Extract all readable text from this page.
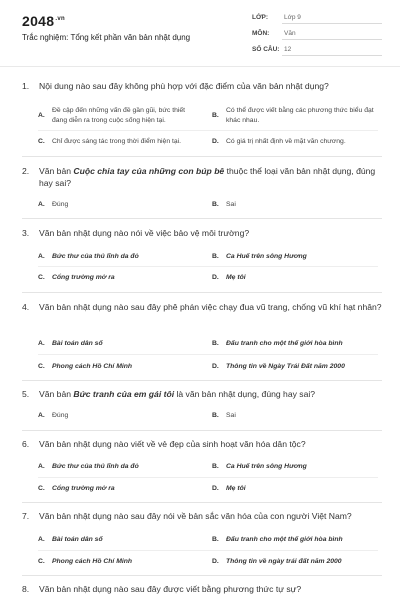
$2048^{.vn}$
Trắc nghiệm: Tổng kết phần văn bản nhật dụng
LỚP: Lớp 9
MÔN: Văn
SỐ CÂU: 12
1. Nội dung nào sau đây không phù hợp với đặc điểm của văn bản nhật dụng?
A.
Đề cập đến những vấn đề gần gũi, bức thiết đang diễn ra trong cuộc sống hiện tại.
B.
Có thể được viết bằng các phương thức biểu đạt khác nhau.
C. Chỉ được sáng tác trong thời điểm hiện tại.	D. Có giá trị nhất định về mặt văn chương.
2. Văn bản Cuộc chia tay của những con búp bê thuộc thể loại văn bản nhật dụng, đúng hay sai?
A. Đúng	B. Sai
3. Văn bản nhật dụng nào nói về việc bảo vệ môi trường?
A. Bức thư của thủ lĩnh da đỏ	B. Ca Huế trên sông Hương
C. Cổng trường mở ra	D. Mẹ tôi
4. Văn bản nhật dụng nào sau đây phê phán việc chạy đua vũ trang, chống vũ khí hạt nhân?
A. Bài toán dân số	B. Đấu tranh cho một thế giới hòa bình
C. Phong cách Hồ Chí Minh	D. Thông tin về Ngày Trái Đất năm 2000
5. Văn bản Bức tranh của em gái tôi là văn bản nhật dụng, đúng hay sai?
A. Đúng	B. Sai
6. Văn bản nhật dụng nào viết về vẻ đẹp của sinh hoạt văn hóa dân tộc?
A. Bức thư của thủ lĩnh da đỏ	B. Ca Huế trên sông Hương
C. Cổng trường mở ra	D. Mẹ tôi
7. Văn bản nhật dụng nào sau đây nói về bản sắc văn hóa của con người Việt Nam?
A. Bài toán dân số	B. Đấu tranh cho một thế giới hòa bình
C. Phong cách Hồ Chí Minh	D. Thông tin về ngày trái đất năm 2000
8. Văn bản nhật dụng nào sau đây được viết bằng phương thức tự sự?
